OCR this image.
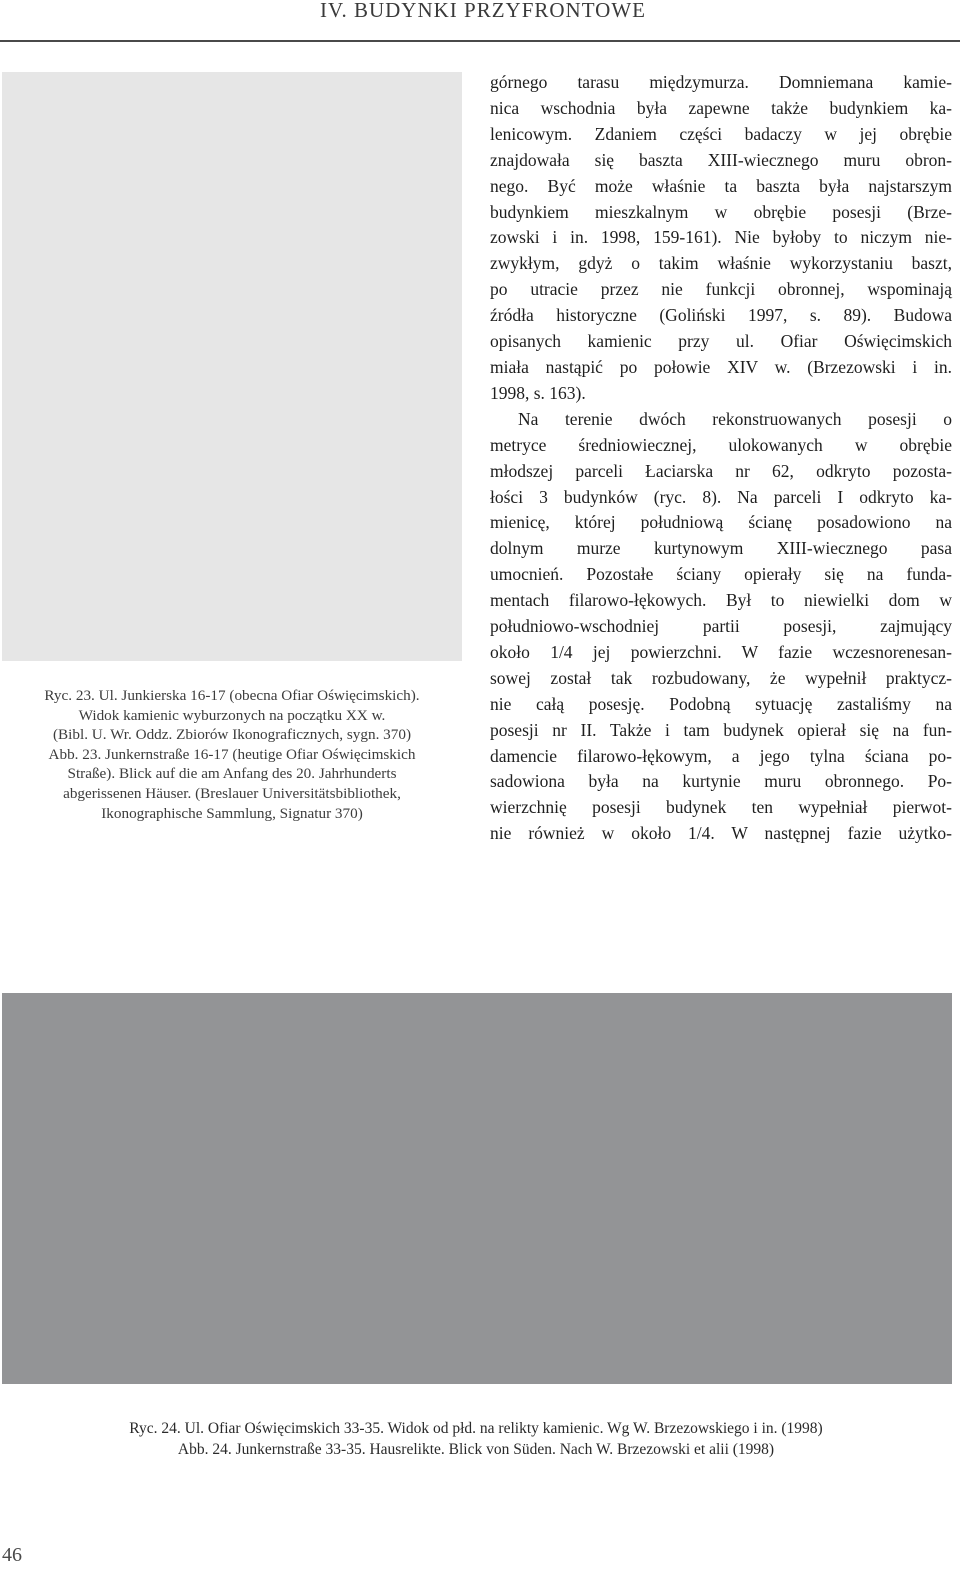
IV. BUDYNKI PRZYFRONTOWE
Ryc. 23. Ul. Junkierska 16-17 (obecna Ofiar Oświęcimskich).
Widok kamienic wyburzonych na początku XX w.
(Bibl. U. Wr. Oddz. Zbiorów Ikonograficznych, sygn. 370)
Abb. 23. Junkernstraße 16-17 (heutige Ofiar Oświęcimskich
Straße). Blick auf die am Anfang des 20. Jahrhunderts
abgerissenen Häuser. (Breslauer Universitätsbibliothek,
Ikonographische Sammlung, Signatur 370)
górnego tarasu międzymurza. Domniemana kamie-
nica wschodnia była zapewne także budynkiem ka-
lenicowym. Zdaniem części badaczy w jej obrębie
znajdowała się baszta XIII-wiecznego muru obron-
nego. Być może właśnie ta baszta była najstarszym
budynkiem mieszkalnym w obrębie posesji (Brze-
zowski i in. 1998, 159-161). Nie byłoby to niczym nie-
zwykłym, gdyż o takim właśnie wykorzystaniu baszt,
po utracie przez nie funkcji obronnej, wspominają
źródła historyczne (Goliński 1997, s. 89). Budowa
opisanych kamienic przy ul. Ofiar Oświęcimskich
miała nastąpić po połowie XIV w. (Brzezowski i in.
1998, s. 163).
Na terenie dwóch rekonstruowanych posesji o
metryce średniowiecznej, ulokowanych w obrębie
młodszej parceli Łaciarska nr 62, odkryto pozosta-
łości 3 budynków (ryc. 8). Na parceli I odkryto ka-
mienicę, której południową ścianę posadowiono na
dolnym murze kurtynowym XIII-wiecznego pasa
umocnień. Pozostałe ściany opierały się na funda-
mentach filarowo-łękowych. Był to niewielki dom w
południowo-wschodniej partii posesji, zajmujący
około 1/4 jej powierzchni. W fazie wczesnorenesan-
sowej został tak rozbudowany, że wypełnił praktycz-
nie całą posesję. Podobną sytuację zastaliśmy na
posesji nr II. Także i tam budynek opierał się na fun-
damencie filarowo-łękowym, a jego tylna ściana po-
sadowiona była na kurtynie muru obronnego. Po-
wierzchnię posesji budynek ten wypełniał pierwot-
nie również w około 1/4. W następnej fazie użytko-
Ryc. 24. Ul. Ofiar Oświęcimskich 33-35. Widok od płd. na relikty kamienic. Wg W. Brzezowskiego i in. (1998)
Abb. 24. Junkernstraße 33-35. Hausrelikte. Blick von Süden. Nach W. Brzezowski et alii (1998)
46
